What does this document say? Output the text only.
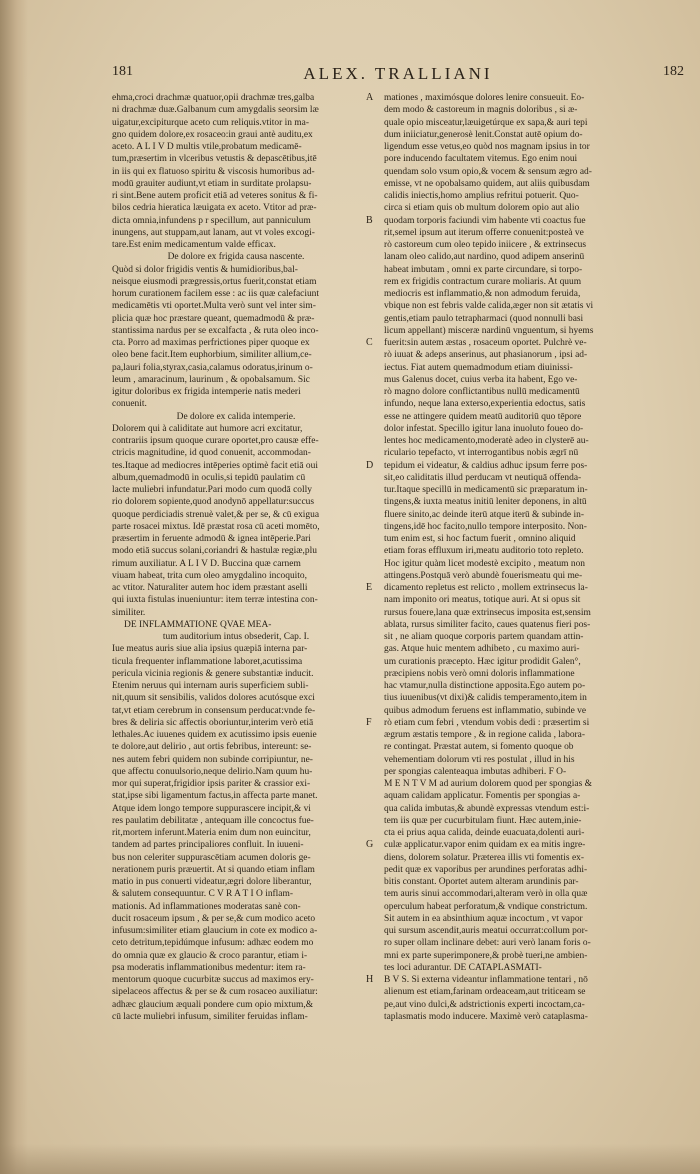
181	ALEX. TRALLIANI	182
ehma,croci drachmæ quatuor,opii drachmæ tres,galba
ni drachmæ duæ.Galbanum cum amygdalis seorsim læ
uigatur,excipiturque aceto cum reliquis.vtitor in ma-
gno quidem dolore,ex rosaceo:in graui antè auditu,ex
aceto. A L I V D multis vtile,probatum medicamē-
tum,præsertim in vlceribus vetustis & depascētibus,itē
in iis qui ex flatuoso spiritu & viscosis humoribus ad-
modū grauiter audiunt,vt etiam in surditate prolapsu-
ri sint.Bene autem proficit etiā ad veteres sonitus & fi-
bilos cedria hieratica læuigata ex aceto. Vtitor ad præ-
dicta omnia,infundens p r specillum, aut panniculum
inungens, aut stuppam,aut lanam, aut vt voles excogi-
tare.Est enim medicamentum valde efficax.
De dolore ex frigida causa nascente.
Quòd si dolor frigidis ventis & humidioribus,bal-
neisque eiusmodi prægressis,ortus fuerit,constat etiam
horum curationem facilem esse : ac iis quæ calefaciunt
medicamētis vti oportet.Multa verò sunt vel inter sim-
plicia quæ hoc præstare queant, quemadmodū & præ-
stantissima nardus per se excalfacta , & ruta oleo inco-
cta. Porro ad maximas perfrictiones piper quoque ex
oleo bene facit.Item euphorbium, similiter allium,ce-
pa,lauri folia,styrax,casia,calamus odoratus,irinum o-
leum , amaracinum, laurinum , & opobalsamum. Sic
igitur doloribus ex frigida intemperie natis mederi
conuenit.
De dolore ex calida intemperie.
Dolorem qui à caliditate aut humore acri excitatur,
contrariis ipsum quoque curare oportet,pro causæ effe-
ctricis magnitudine, id quod conuenit, accommodan-
tes.Itaque ad mediocres intēperies optimè facit etiā oui
album,quemadmodū in oculis,si tepidū paulatim cū
lacte muliebri infundatur.Pari modo cum quodā colly
rio dolorem sopiente,quod anodynō appellatur:succus
quoque perdiciadis strenuè valet,& per se, & cū exigua
parte rosacei mixtus. Idē præstat rosa cū aceti momēto,
præsertim in feruente admodū & ignea intēperie.Pari
modo etiā succus solani,coriandri & hastulæ regiæ,plu
rimum auxiliatur. A L I V D. Buccina quæ carnem
viuam habeat, trita cum oleo amygdalino incoquito,
ac vtitor. Naturaliter autem hoc idem præstant aselli
qui iuxta fistulas inueniuntur: item terræ intestina con-
similiter.
DE INFLAMMATIONE QVAE MEA-
tum auditorium intus obsederit, Cap. I.
Iue meatus auris siue alia ipsius quæpiā interna par-
ticula frequenter inflammatione laboret,acutissima
pericula vicinia regionis & genere substantiæ inducit.
Etenim neruus qui internam auris superficiem subli-
nit,quum sit sensibilis, validos dolores acutósque exci
tat,vt etiam cerebrum in consensum perducat:vnde fe-
bres & deliria sic affectis oboriuntur,interim verò etiā
lethales.Ac iuuenes quidem ex acutissimo ipsis euenie
te dolore,aut delirio , aut ortis febribus, intereunt: se-
nes autem febri quidem non subinde corripiuntur, ne-
que affectu conuulsorio,neque delirio.Nam quum hu-
mor qui superat,frigidior ipsis pariter & crassior exi-
stat,ipse sibi ligamentum factus,in affecta parte manet.
Atque idem longo tempore suppurascere incipit,& vi
res paulatim debilitatæ , antequam ille concoctus fue-
rit,mortem inferunt.Materia enim dum non euincitur,
tandem ad partes principaliores confluit. In iuueni-
bus non celeriter suppurascētiam acumen doloris ge-
nerationem puris præuertit. At si quando etiam inflam
matio in pus conuerti videatur,ægri dolore liberantur,
& salutem consequuntur. C V R A T I O inflam-
mationis. Ad inflammationes moderatas sanè con-
ducit rosaceum ipsum , & per se,& cum modico aceto
infusum:similiter etiam glaucium in cote ex modico a-
ceto detritum,tepidúmque infusum: adhæc eodem mo
do omnia quæ ex glaucio & croco parantur, etiam i-
psa moderatis inflammationibus medentur: item ra-
mentorum quoque cucurbitæ succus ad maximos ery-
sipelaceos affectus & per se & cum rosaceo auxiliatur:
adhæc glaucium æquali pondere cum opio mixtum,&
cū lacte muliebri infusum, similiter feruidas inflam-
A
B
C
D
E
F
G
H
mationes , maximósque dolores lenire consueuit. Eo-
dem modo & castoreum in magnis doloribus , si æ-
quale opio misceatur,læuigetúrque ex sapa,& auri tepi
dum iniiciatur,generosè lenit.Constat autē opium do-
ligendum esse vetus,eo quòd nos magnam ipsius in tor
pore inducendo facultatem vitemus. Ego enim noui
quendam solo vsum opio,& vocem & sensum ægro ad-
emisse, vt ne opobalsamo quidem, aut aliis quibusdam
calidis iniectis,homo amplius refritui potuerit. Quo-
circa si etiam quis ob multum dolorem opio aut alio
quodam torporis faciundi vim habente vti coactus fue
rit,semel ipsum aut iterum offerre conuenit:posteà ve
rò castoreum cum oleo tepido iniicere , & extrinsecus
lanam oleo calido,aut nardino, quod adipem anserinū
habeat imbutam , omni ex parte circundare, si torpo-
rem ex frigidis contractum curare moliaris. At quum
mediocris est inflammatio,& non admodum feruida,
vbique non est febris valde calida,æger non sit ætatis vi
gentis,etiam paulo tetrapharmaci (quod nonnulli basi
licum appellant) misceræ nardinū vnguentum, si hyems
fuerit:sin autem æstas , rosaceum oportet. Pulchrè ve-
rò iuuat & adeps anserinus, aut phasianorum , ipsi ad-
iectus. Fiat autem quemadmodum etiam diuinissi-
mus Galenus docet, cuius verba ita habent, Ego ve-
rò magno dolore conflictantibus nullū medicamentū
infundo, neque lana exterso,experientia edoctus, satis
esse ne attingere quidem meatū auditoriū quo tēpore
dolor infestat. Specillo igitur lana inuoluto foueo do-
lentes hoc medicamento,moderatè adeo in clysterē au-
riculario tepefacto, vt interrogantibus nobis ægrī nū
tepidum ei videatur, & caldius adhuc ipsum ferre pos-
sit,eo caliditatis illud perducam vt neutiquā offenda-
tur.Itaque specillū in medicamentū sic præparatum in-
tingens,& iuxta meatus initiū leniter deponens, in altū
fluere sinito,ac deinde iterū atque iterū & subinde in-
tingens,idē hoc facito,nullo tempore interposito. Non-
tum enim est, si hoc factum fuerit , omnino aliquid
etiam foras effluxum iri,meatu auditorio toto repleto.
Hoc igitur quàm licet modestè excipito , meatum non
attingens.Postquā verò abundè fouerismeatu qui me-
dicamento repletus est relicto , mollem extrinsecus la-
nam imponito ori meatus, totique auri. At si opus sit
rursus fouere,lana quæ extrinsecus imposita est,sensim
ablata, rursus similiter facito, caues quatenus fieri pos-
sit , ne aliam quoque corporis partem quandam attin-
gas. Atque huic mentem adhibeto , cu maximo auri-
um curationis præcepto. Hæc igitur prodidit Galen°,
præcipiens nobis verò omni doloris inflammatione
hac vtamur,nulla distinctione apposita.Ego autem po-
tius iuuenibus(vt dixi)& calidis temperamento,item in
quibus admodum feruens est inflammatio, subinde ve
rò etiam cum febri , vtendum vobis dedi : præsertim si
ægrum æstatis tempore , & in regione calida , labora-
re contingat. Præstat autem, si fomento quoque ob
vehementiam dolorum vti res postulat , illud in his
per spongias calenteaqua imbutas adhiberi. F O-
M E N T V M ad aurium dolorem quod per spongias &
aquam calidam applicatur. Fomentis per spongias a-
qua calida imbutas,& abundè expressas vtendum est:i-
tem iis quæ per cucurbitulam fiunt. Hæc autem,inie-
cta ei prius aqua calida, deinde euacuata,dolenti auri-
culæ applicatur.vapor enim quidam ex ea mitis ingre-
diens, dolorem solatur. Præterea illis vti fomentis ex-
pedit quæ ex vaporibus per arundines perforatas adhi-
bitis constant. Oportet autem alteram arundinis par-
tem auris sinui accommodari,alteram verò in olla quæ
operculum habeat perforatum,& vndique constrictum.
Sit autem in ea absinthium aquæ incoctum , vt vapor
qui sursum ascendit,auris meatui occurrat:collum por-
ro super ollam inclinare debet: auri verò lanam foris o-
mni ex parte superimponere,& probè tueri,ne ambien-
tes loci adurantur. DE CATAPLASMATI-
B V S. Si externa videantur inflammatione tentari , nō
alienum est etiam,farinam ordeaceam,aut triticeam se
pe,aut vino dulci,& adstrictionis experti incoctam,ca-
taplasmatis modo inducere. Maximè verò cataplasma-
